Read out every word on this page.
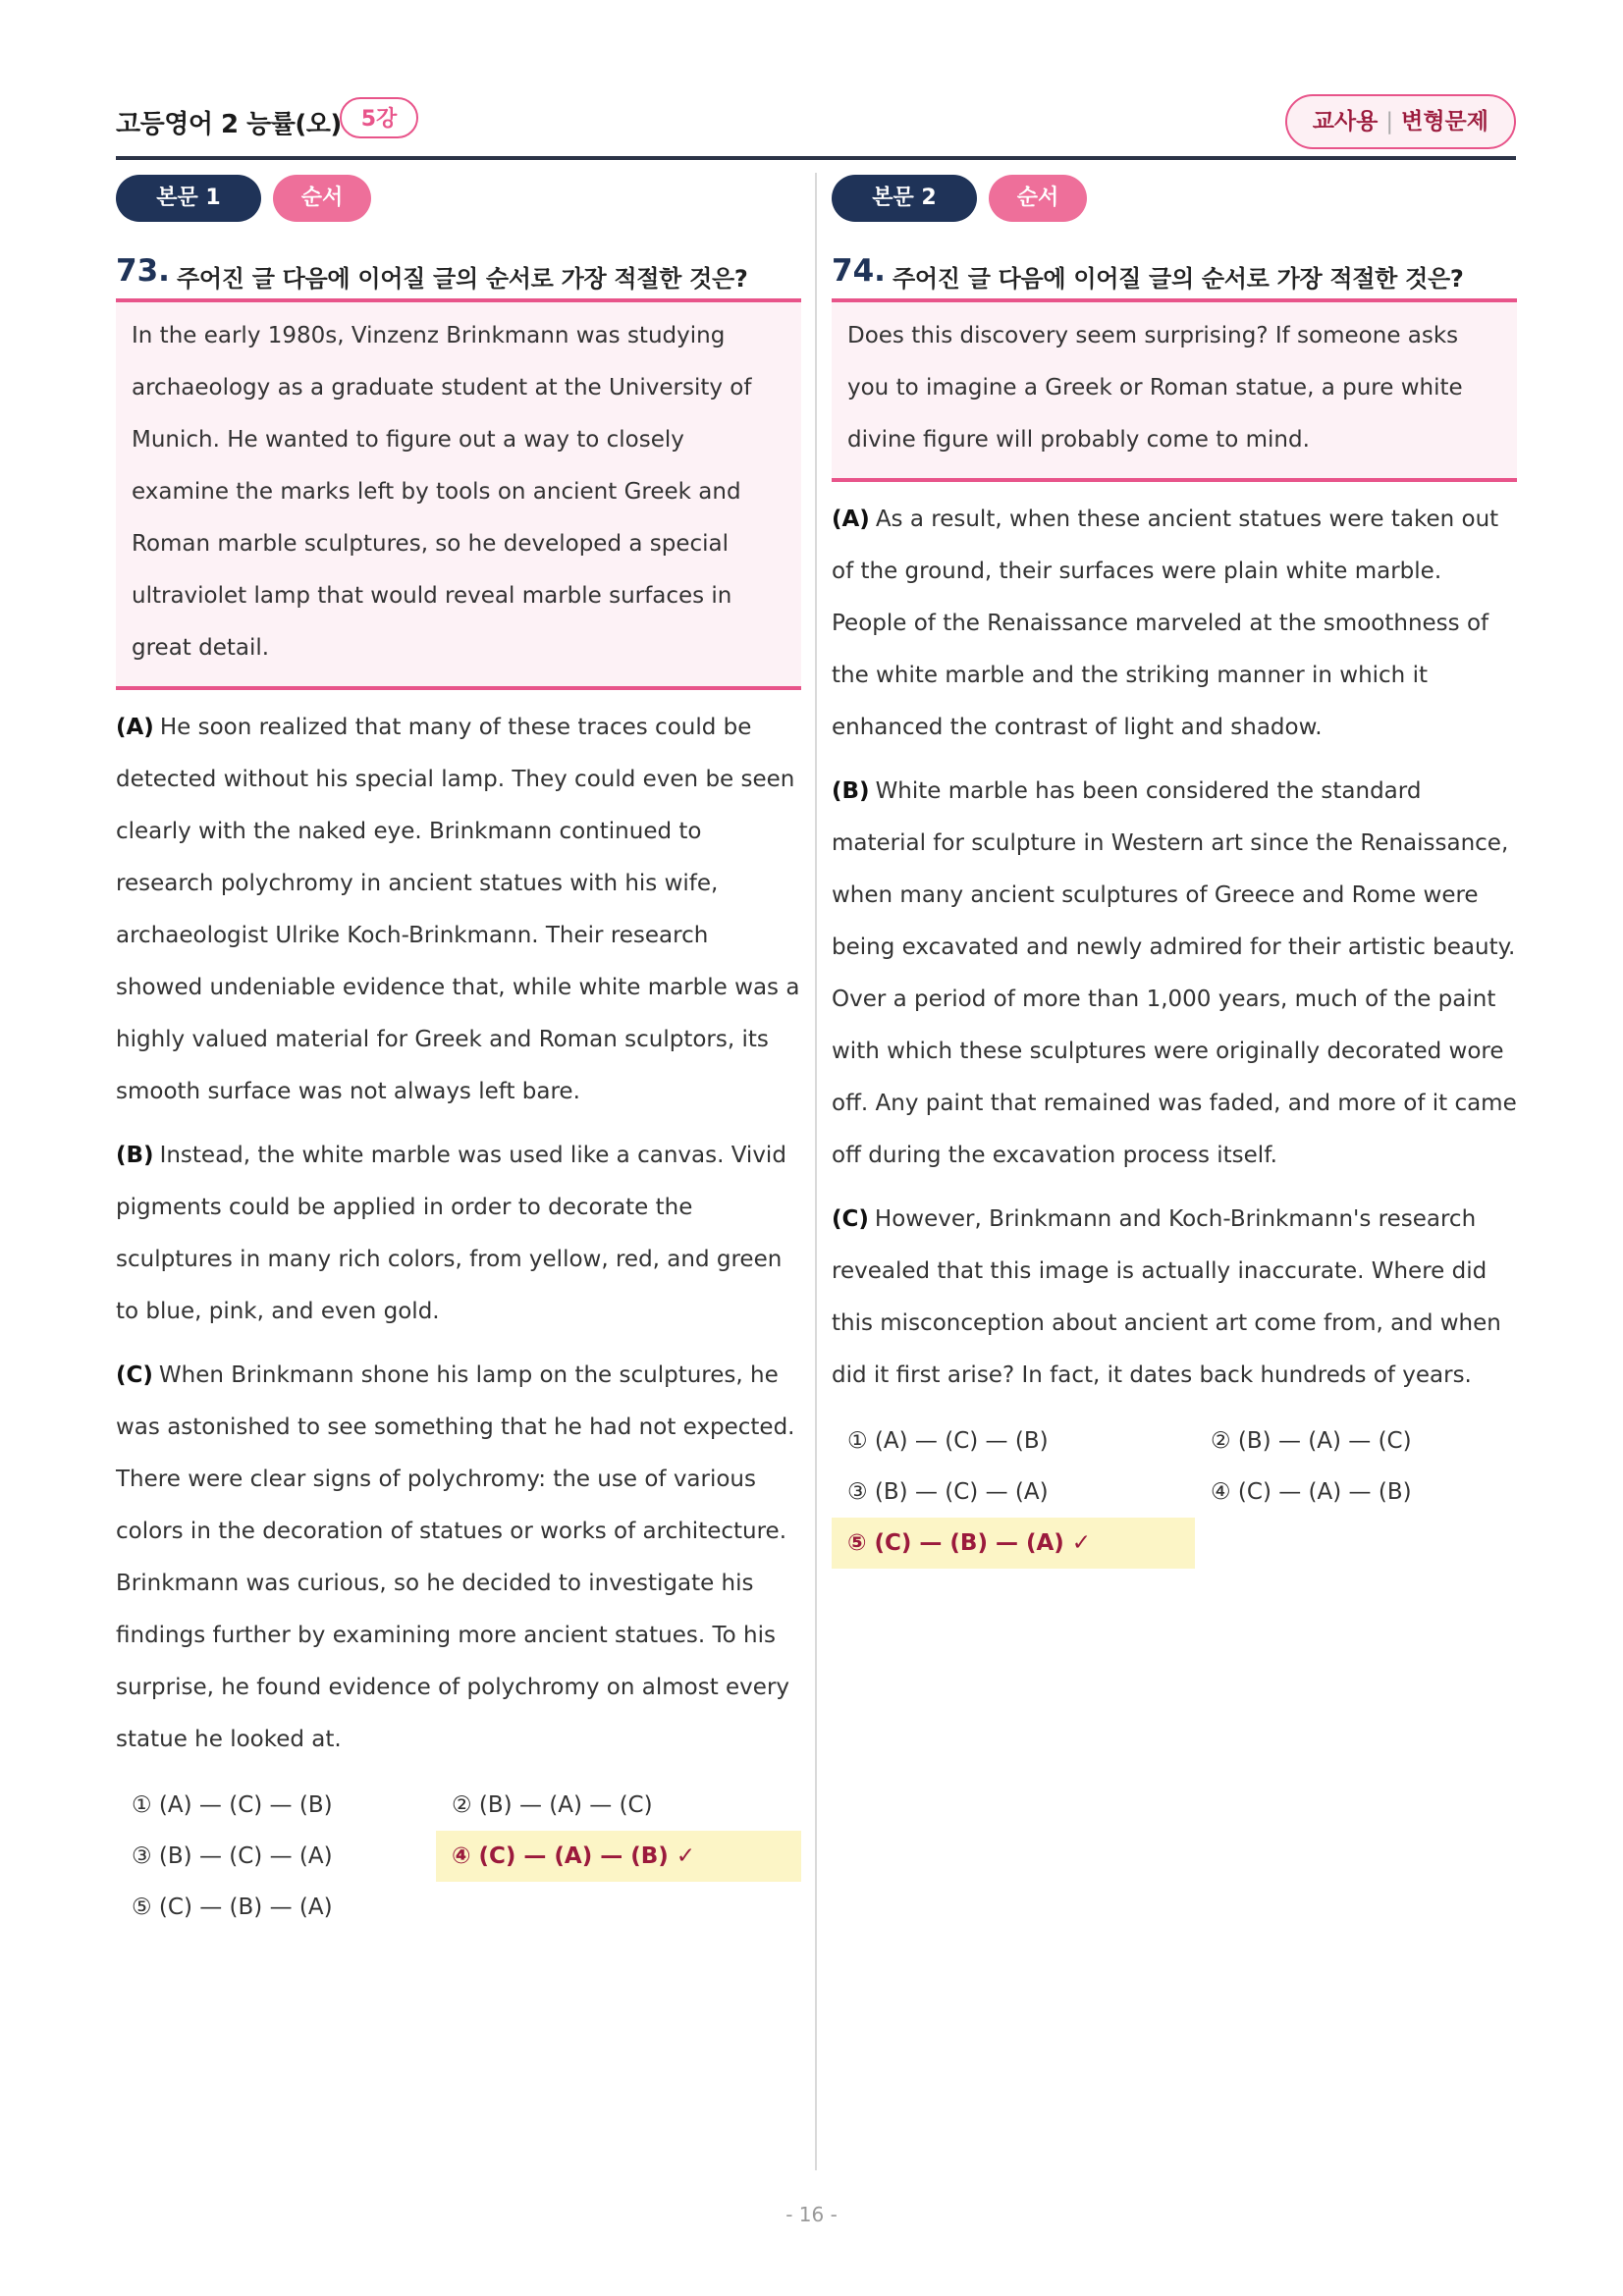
고등영어 2 능률(오) 5강	교사용 | 변형문제
본문 1	순서
73. 주어진 글 다음에 이어질 글의 순서로 가장 적절한 것은?
In the early 1980s, Vinzenz Brinkmann was studying archaeology as a graduate student at the University of Munich. He wanted to figure out a way to closely examine the marks left by tools on ancient Greek and Roman marble sculptures, so he developed a special ultraviolet lamp that would reveal marble surfaces in great detail.
(A) He soon realized that many of these traces could be detected without his special lamp. They could even be seen clearly with the naked eye. Brinkmann continued to research polychromy in ancient statues with his wife, archaeologist Ulrike Koch-Brinkmann. Their research showed undeniable evidence that, while white marble was a highly valued material for Greek and Roman sculptors, its smooth surface was not always left bare.
(B) Instead, the white marble was used like a canvas. Vivid pigments could be applied in order to decorate the sculptures in many rich colors, from yellow, red, and green to blue, pink, and even gold.
(C) When Brinkmann shone his lamp on the sculptures, he was astonished to see something that he had not expected. There were clear signs of polychromy: the use of various colors in the decoration of statues or works of architecture. Brinkmann was curious, so he decided to investigate his findings further by examining more ancient statues. To his surprise, he found evidence of polychromy on almost every statue he looked at.
① (A) — (C) — (B)	② (B) — (A) — (C)
③ (B) — (C) — (A)	④ (C) — (A) — (B) ✓
⑤ (C) — (B) — (A)
본문 2	순서
74. 주어진 글 다음에 이어질 글의 순서로 가장 적절한 것은?
Does this discovery seem surprising? If someone asks you to imagine a Greek or Roman statue, a pure white divine figure will probably come to mind.
(A) As a result, when these ancient statues were taken out of the ground, their surfaces were plain white marble. People of the Renaissance marveled at the smoothness of the white marble and the striking manner in which it enhanced the contrast of light and shadow.
(B) White marble has been considered the standard material for sculpture in Western art since the Renaissance, when many ancient sculptures of Greece and Rome were being excavated and newly admired for their artistic beauty. Over a period of more than 1,000 years, much of the paint with which these sculptures were originally decorated wore off. Any paint that remained was faded, and more of it came off during the excavation process itself.
(C) However, Brinkmann and Koch-Brinkmann's research revealed that this image is actually inaccurate. Where did this misconception about ancient art come from, and when did it first arise? In fact, it dates back hundreds of years.
① (A) — (C) — (B)	② (B) — (A) — (C)
③ (B) — (C) — (A)	④ (C) — (A) — (B)
⑤ (C) — (B) — (A) ✓
- 16 -
